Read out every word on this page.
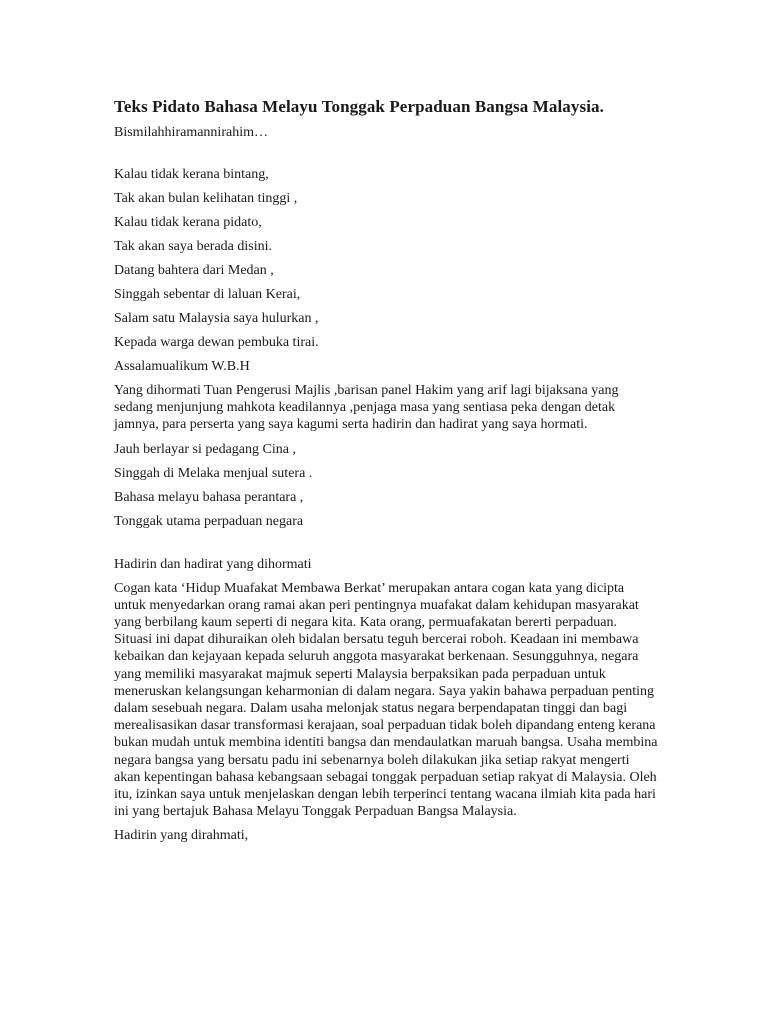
Teks Pidato Bahasa Melayu Tonggak Perpaduan Bangsa Malaysia.

Bismilahhiramannirahim…

Kalau tidak kerana bintang,

Tak akan bulan kelihatan tinggi ,

Kalau tidak kerana pidato,

Tak akan saya berada disini.

Datang bahtera dari Medan ,

Singgah sebentar di laluan Kerai,

Salam satu Malaysia saya hulurkan ,

Kepada warga dewan pembuka tirai.

Assalamualikum W.B.H

Yang dihormati Tuan Pengerusi Majlis ,barisan panel Hakim yang arif lagi bijaksana yang sedang menjunjung mahkota keadilannya ,penjaga masa yang sentiasa peka dengan detak jamnya, para perserta yang saya kagumi serta hadirin dan hadirat yang saya hormati.

Jauh berlayar si pedagang Cina ,

Singgah di Melaka menjual sutera .

Bahasa melayu bahasa perantara ,

Tonggak utama perpaduan negara

Hadirin dan hadirat yang dihormati

Cogan kata ‘Hidup Muafakat Membawa Berkat’ merupakan antara cogan kata yang dicipta untuk menyedarkan orang ramai akan peri pentingnya muafakat dalam kehidupan masyarakat yang berbilang kaum seperti di negara kita. Kata orang, permuafakatan bererti perpaduan. Situasi ini dapat dihuraikan oleh bidalan bersatu teguh bercerai roboh. Keadaan ini membawa kebaikan dan kejayaan kepada seluruh anggota masyarakat berkenaan. Sesungguhnya, negara yang memiliki masyarakat majmuk seperti Malaysia berpaksikan pada perpaduan untuk meneruskan kelangsungan keharmonian di dalam negara. Saya yakin bahawa perpaduan penting dalam sesebuah negara. Dalam usaha melonjak status negara berpendapatan tinggi dan bagi merealisasikan dasar transformasi kerajaan, soal perpaduan tidak boleh dipandang enteng kerana bukan mudah untuk membina identiti bangsa dan mendaulatkan maruah bangsa. Usaha membina negara bangsa yang bersatu padu ini sebenarnya boleh dilakukan jika setiap rakyat mengerti akan kepentingan bahasa kebangsaan sebagai tonggak perpaduan setiap rakyat di Malaysia. Oleh itu, izinkan saya untuk menjelaskan dengan lebih terperinci tentang wacana ilmiah kita pada hari ini yang bertajuk Bahasa Melayu Tonggak Perpaduan Bangsa Malaysia.

Hadirin yang dirahmati,
